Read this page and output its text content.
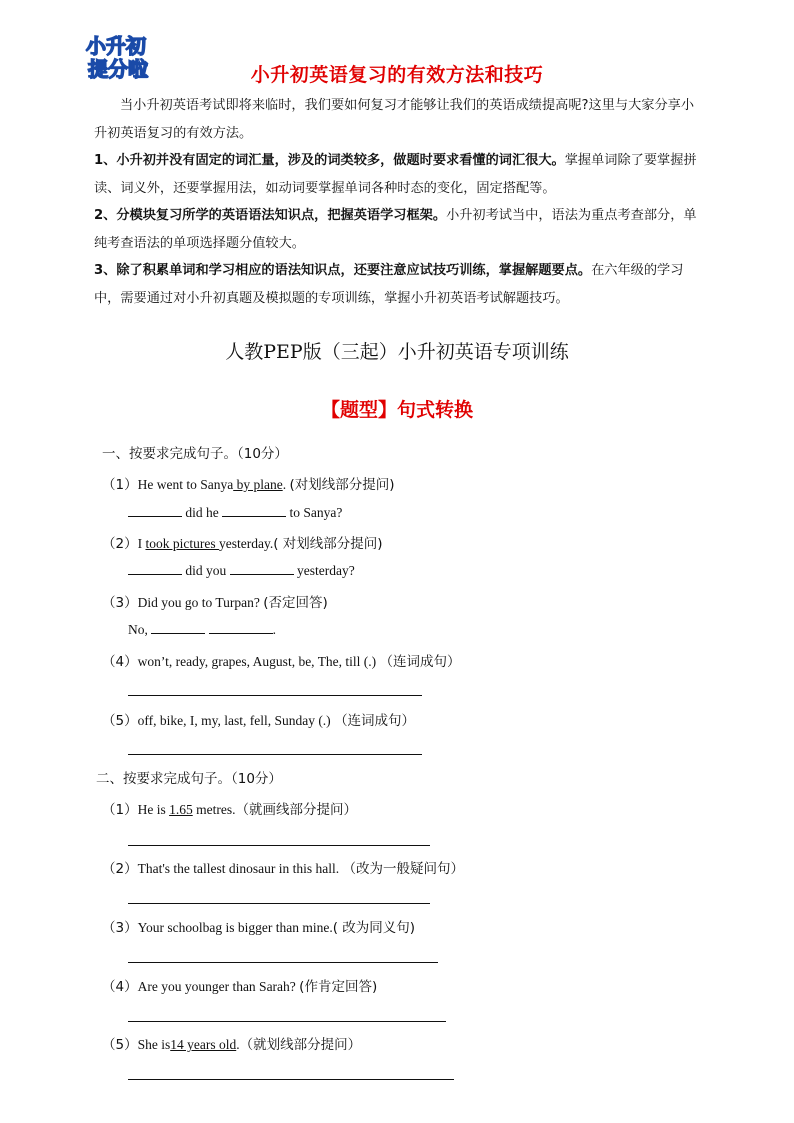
小升初
提分啦	小升初英语复习的有效方法和技巧

当小升初英语考试即将来临时，我们要如何复习才能够让我们的英语成绩提高呢?这里与大家分享小升初英语复习的有效方法。

1、小升初并没有固定的词汇量，涉及的词类较多，做题时要求看懂的词汇很大。掌握单词除了要掌握拼读、词义外，还要掌握用法，如动词要掌握单词各种时态的变化，固定搭配等。

2、分模块复习所学的英语语法知识点，把握英语学习框架。小升初考试当中，语法为重点考查部分，单纯考查语法的单项选择题分值较大。

3、除了积累单词和学习相应的语法知识点，还要注意应试技巧训练，掌握解题要点。在六年级的学习中，需要通过对小升初真题及模拟题的专项训练，掌握小升初英语考试解题技巧。

人教PEP版（三起）小升初英语专项训练
【题型】句式转换
一、按要求完成句子。（10分）
（1）He went to Sanya by plane. (对划线部分提问)
did he	to Sanya?
（2）I took pictures yesterday.( 对划线部分提问)
did you	yesterday?
（3）Did you go to Turpan? (否定回答)
No,	.
（4）won’t, ready, grapes, August, be, The, till (.) （连词成句）
（5）off, bike, I, my, last, fell, Sunday (.) （连词成句）
二、按要求完成句子。（10分）
（1）He is 1.65 metres.（就画线部分提问）
（2）That's the tallest dinosaur in this hall. （改为一般疑问句）
（3）Your schoolbag is bigger than mine.( 改为同义句)
（4）Are you younger than Sarah? (作肯定回答)
（5）She is14 years old.（就划线部分提问）
